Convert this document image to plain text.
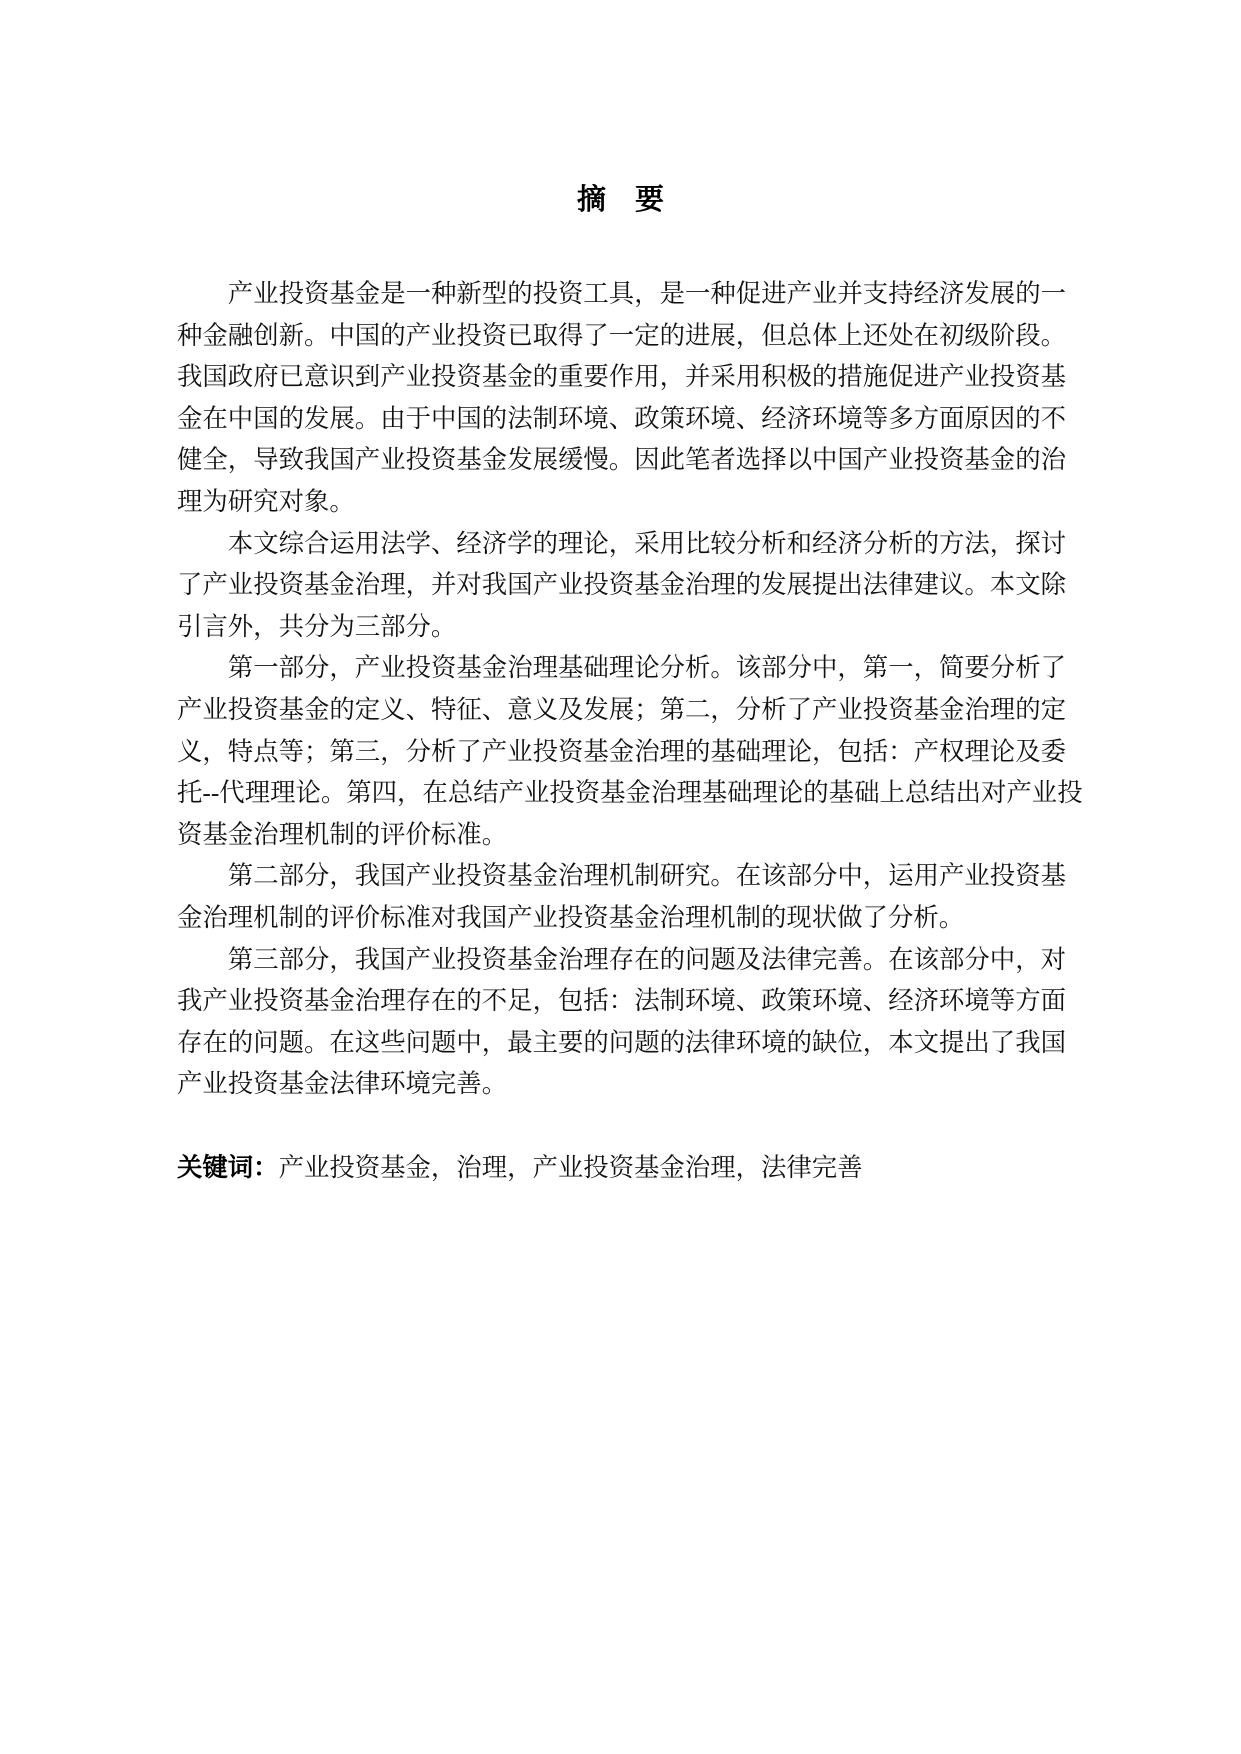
摘　要
产业投资基金是一种新型的投资工具，是一种促进产业并支持经济发展的一
种金融创新。中国的产业投资已取得了一定的进展，但总体上还处在初级阶段。
我国政府已意识到产业投资基金的重要作用，并采用积极的措施促进产业投资基
金在中国的发展。由于中国的法制环境、政策环境、经济环境等多方面原因的不
健全，导致我国产业投资基金发展缓慢。因此笔者选择以中国产业投资基金的治
理为研究对象。
本文综合运用法学、经济学的理论，采用比较分析和经济分析的方法，探讨
了产业投资基金治理，并对我国产业投资基金治理的发展提出法律建议。本文除
引言外，共分为三部分。
第一部分，产业投资基金治理基础理论分析。该部分中，第一，简要分析了
产业投资基金的定义、特征、意义及发展；第二，分析了产业投资基金治理的定
义，特点等；第三，分析了产业投资基金治理的基础理论，包括：产权理论及委
托--代理理论。第四，在总结产业投资基金治理基础理论的基础上总结出对产业投
资基金治理机制的评价标准。
第二部分，我国产业投资基金治理机制研究。在该部分中，运用产业投资基
金治理机制的评价标准对我国产业投资基金治理机制的现状做了分析。
第三部分，我国产业投资基金治理存在的问题及法律完善。在该部分中，对
我产业投资基金治理存在的不足，包括：法制环境、政策环境、经济环境等方面
存在的问题。在这些问题中，最主要的问题的法律环境的缺位，本文提出了我国
产业投资基金法律环境完善。
关键词：产业投资基金，治理，产业投资基金治理，法律完善
